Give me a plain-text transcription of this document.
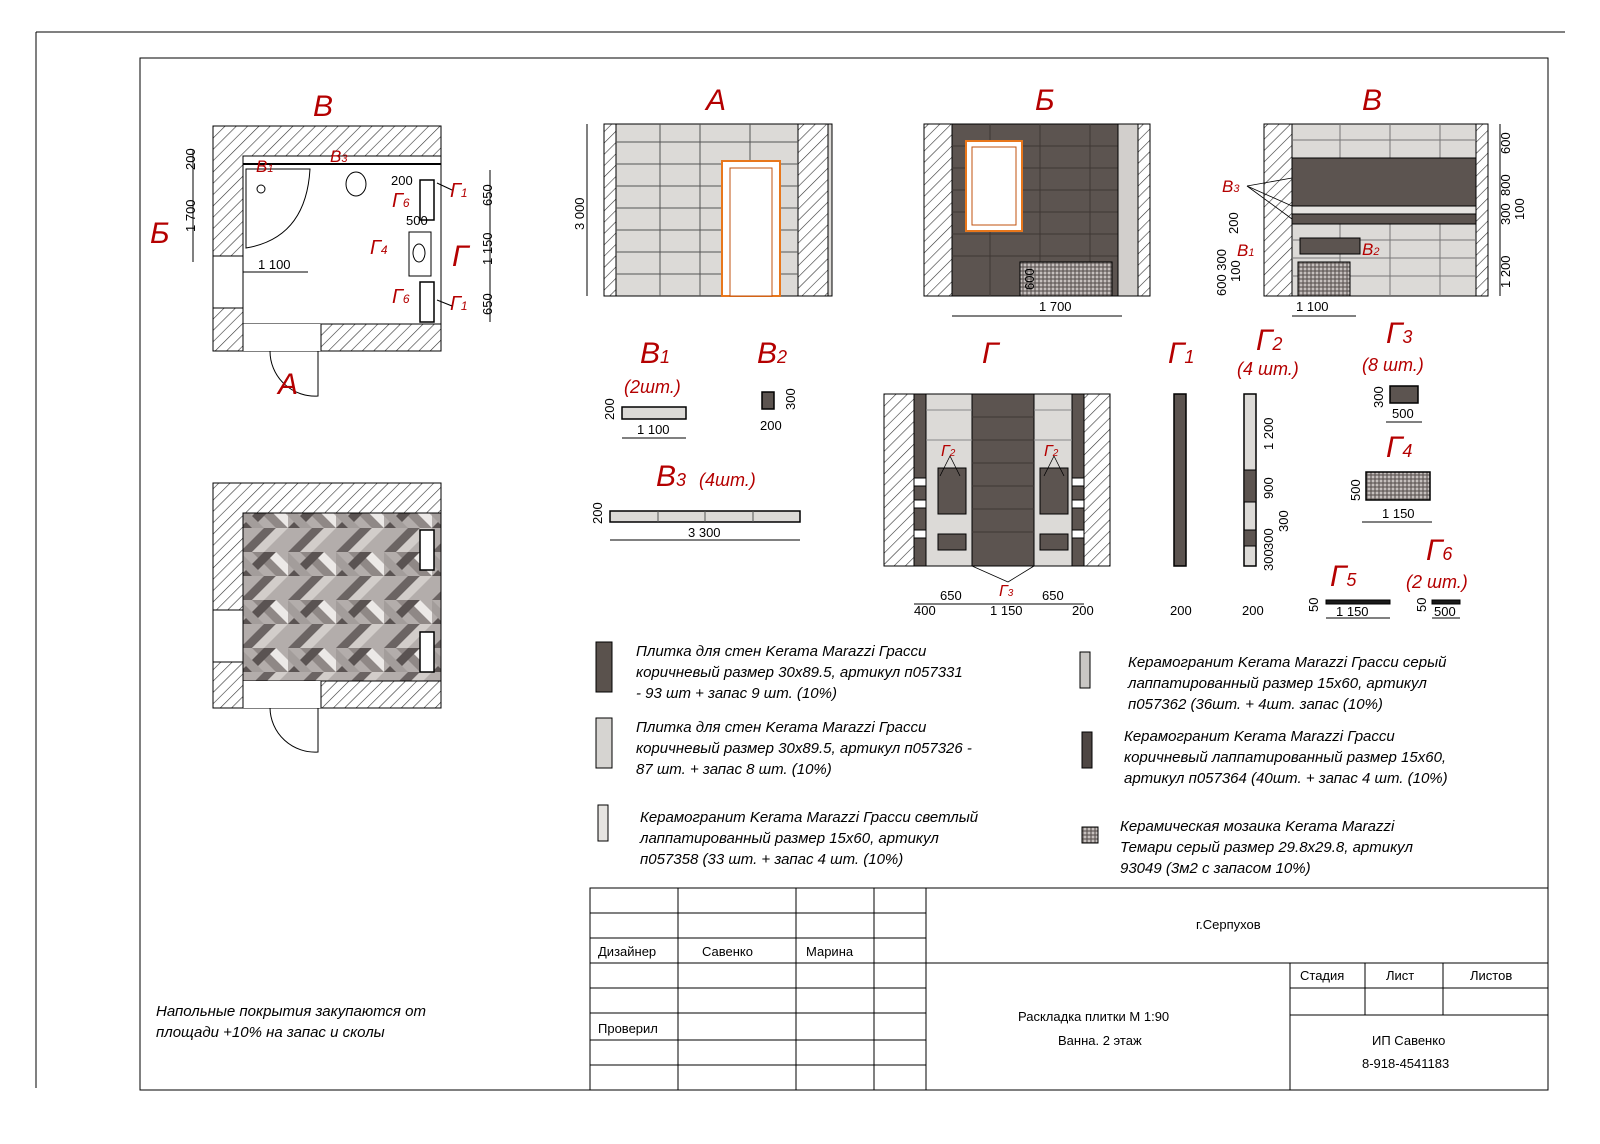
В
Б
Г
А
В1
В3
Г1
Г1
Г6
Г6
Г4
200
1 700
1 100
200
500
650
1 150
650
А
3 000
Б
600
1 700
В
В3
В1	В2
600
800
300 100
1 200
200
600 300 100
1 100
В1
(2шт.)
200
1 100
В2
300
200
В3 (4шт.)
200
3 300
Г
Г2	Г2
Г3
400
650
1 150
650
200
Г1
200
Г2
(4 шт.)
1 200
900
300
300
300
200
Г3
(8 шт.)
300
500
Г4
500
1 150
Г5
50 1 150
Г6
(2 шт.)
50 500
Плитка для стен Kerama Marazzi Грасси коричневый размер 30x89.5, артикул п057331 - 93 шт + запас 9 шт. (10%)
Плитка для стен Kerama Marazzi Грасси коричневый размер 30x89.5, артикул п057326 - 87 шт. + запас 8 шт. (10%)
Керамогранит Kerama Marazzi Грасси светлый лаппатированный размер 15x60, артикул п057358 (33 шт. + запас 4 шт. (10%)
Керамогранит Kerama Marazzi Грасси серый лаппатированный размер 15x60, артикул п057362 (36шт. + 4шт. запас (10%)
Керамогранит Kerama Marazzi Грасси коричневый лаппатированный размер 15x60, артикул п057364 (40шт. + запас 4 шт. (10%)
Керамическая мозаика Kerama Marazzi Темари серый размер 29.8x29.8, артикул 93049 (3м2 с запасом 10%)
Напольные покрытия закупаются от площади +10% на запас и сколы
Дизайнер	Савенко	Марина
Проверил
г.Серпухов
Раскладка плитки М 1:90
Ванна. 2 этаж
Стадия	Лист	Листов
ИП Савенко
8-918-4541183
